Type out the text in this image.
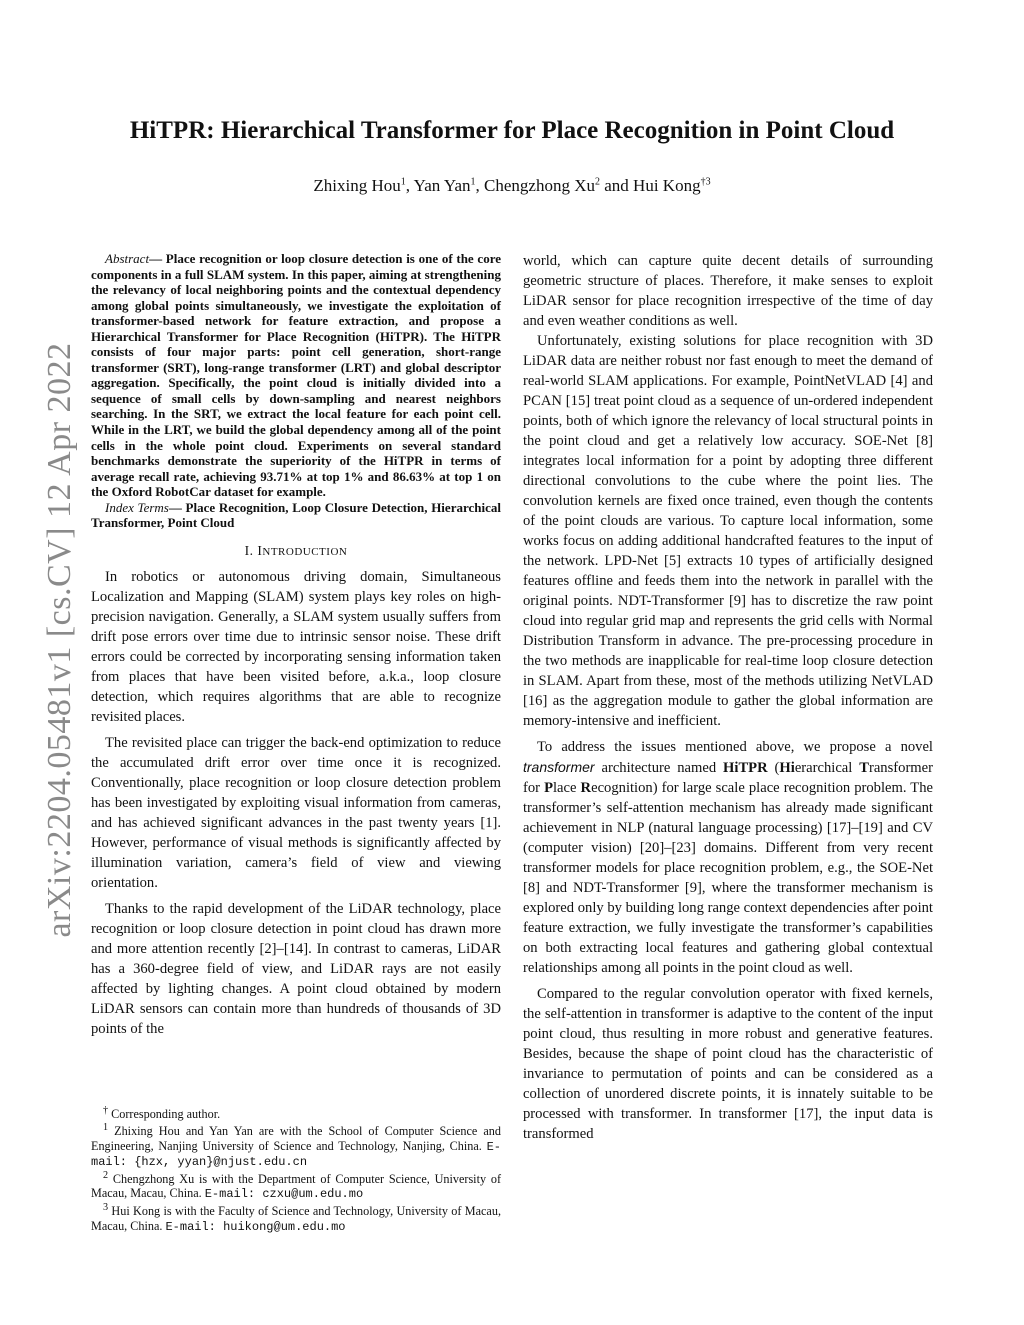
arXiv:2204.05481v1 [cs.CV] 12 Apr 2022
HiTPR: Hierarchical Transformer for Place Recognition in Point Cloud
Zhixing Hou$^1$, Yan Yan$^1$, Chengzhong Xu$^2$ and Hui Kong$^{\dagger 3}$

Abstract— Place recognition or loop closure detection is one of the core components in a full SLAM system. In this paper, aiming at strengthening the relevancy of local neighboring points and the contextual dependency among global points simultaneously, we investigate the exploitation of transformer-based network for feature extraction, and propose a Hierarchical Transformer for Place Recognition (HiTPR). The HiTPR consists of four major parts: point cell generation, short-range transformer (SRT), long-range transformer (LRT) and global descriptor aggregation. Specifically, the point cloud is initially divided into a sequence of small cells by down-sampling and nearest neighbors searching. In the SRT, we extract the local feature for each point cell. While in the LRT, we build the global dependency among all of the point cells in the whole point cloud. Experiments on several standard benchmarks demonstrate the superiority of the HiTPR in terms of average recall rate, achieving 93.71% at top 1% and 86.63% at top 1 on the Oxford RobotCar dataset for example.

Index Terms— Place Recognition, Loop Closure Detection, Hierarchical Transformer, Point Cloud

I. INTRODUCTION

In robotics or autonomous driving domain, Simultaneous Localization and Mapping (SLAM) system plays key roles on high-precision navigation. Generally, a SLAM system usually suffers from drift pose errors over time due to intrinsic sensor noise. These drift errors could be corrected by incorporating sensing information taken from places that have been visited before, a.k.a., loop closure detection, which requires algorithms that are able to recognize revisited places.

The revisited place can trigger the back-end optimization to reduce the accumulated drift error over time once it is recognized. Conventionally, place recognition or loop closure detection problem has been investigated by exploiting visual information from cameras, and has achieved significant advances in the past twenty years [1]. However, performance of visual methods is significantly affected by illumination variation, camera’s field of view and viewing orientation.

Thanks to the rapid development of the LiDAR technology, place recognition or loop closure detection in point cloud has drawn more and more attention recently [2]–[14]. In contrast to cameras, LiDAR has a 360-degree field of view, and LiDAR rays are not easily affected by lighting changes. A point cloud obtained by modern LiDAR sensors can contain more than hundreds of thousands of 3D points of the

world, which can capture quite decent details of surrounding geometric structure of places. Therefore, it make senses to exploit LiDAR sensor for place recognition irrespective of the time of day and even weather conditions as well.

Unfortunately, existing solutions for place recognition with 3D LiDAR data are neither robust nor fast enough to meet the demand of real-world SLAM applications. For example, PointNetVLAD [4] and PCAN [15] treat point cloud as a sequence of un-ordered independent points, both of which ignore the relevancy of local structural points in the point cloud and get a relatively low accuracy. SOE-Net [8] integrates local information for a point by adopting three different directional convolutions to the cube where the point lies. The convolution kernels are fixed once trained, even though the contents of the point clouds are various. To capture local information, some works focus on adding additional handcrafted features to the input of the network. LPD-Net [5] extracts 10 types of artificially designed features offline and feeds them into the network in parallel with the original points. NDT-Transformer [9] has to discretize the raw point cloud into regular grid map and represents the grid cells with Normal Distribution Transform in advance. The pre-processing procedure in the two methods are inapplicable for real-time loop closure detection in SLAM. Apart from these, most of the methods utilizing NetVLAD [16] as the aggregation module to gather the global information are memory-intensive and inefficient.

To address the issues mentioned above, we propose a novel transformer architecture named HiTPR (Hierarchical Transformer for Place Recognition) for large scale place recognition problem. The transformer’s self-attention mechanism has already made significant achievement in NLP (natural language processing) [17]–[19] and CV (computer vision) [20]–[23] domains. Different from very recent transformer models for place recognition problem, e.g., the SOE-Net [8] and NDT-Transformer [9], where the transformer mechanism is explored only by building long range context dependencies after point feature extraction, we fully investigate the transformer’s capabilities on both extracting local features and gathering global contextual relationships among all points in the point cloud as well.

Compared to the regular convolution operator with fixed kernels, the self-attention in transformer is adaptive to the content of the input point cloud, thus resulting in more robust and generative features. Besides, because the shape of point cloud has the characteristic of invariance to permutation of points and can be considered as a collection of unordered discrete points, it is innately suitable to be processed with transformer. In transformer [17], the input data is transformed

† Corresponding author.

$^1$ Zhixing Hou and Yan Yan are with the School of Computer Science and Engineering, Nanjing University of Science and Technology, Nanjing, China. E-mail: {hzx, yyan}@njust.edu.cn

$^2$ Chengzhong Xu is with the Department of Computer Science, University of Macau, Macau, China. E-mail: czxu@um.edu.mo

$^3$ Hui Kong is with the Faculty of Science and Technology, University of Macau, Macau, China. E-mail: huikong@um.edu.mo
